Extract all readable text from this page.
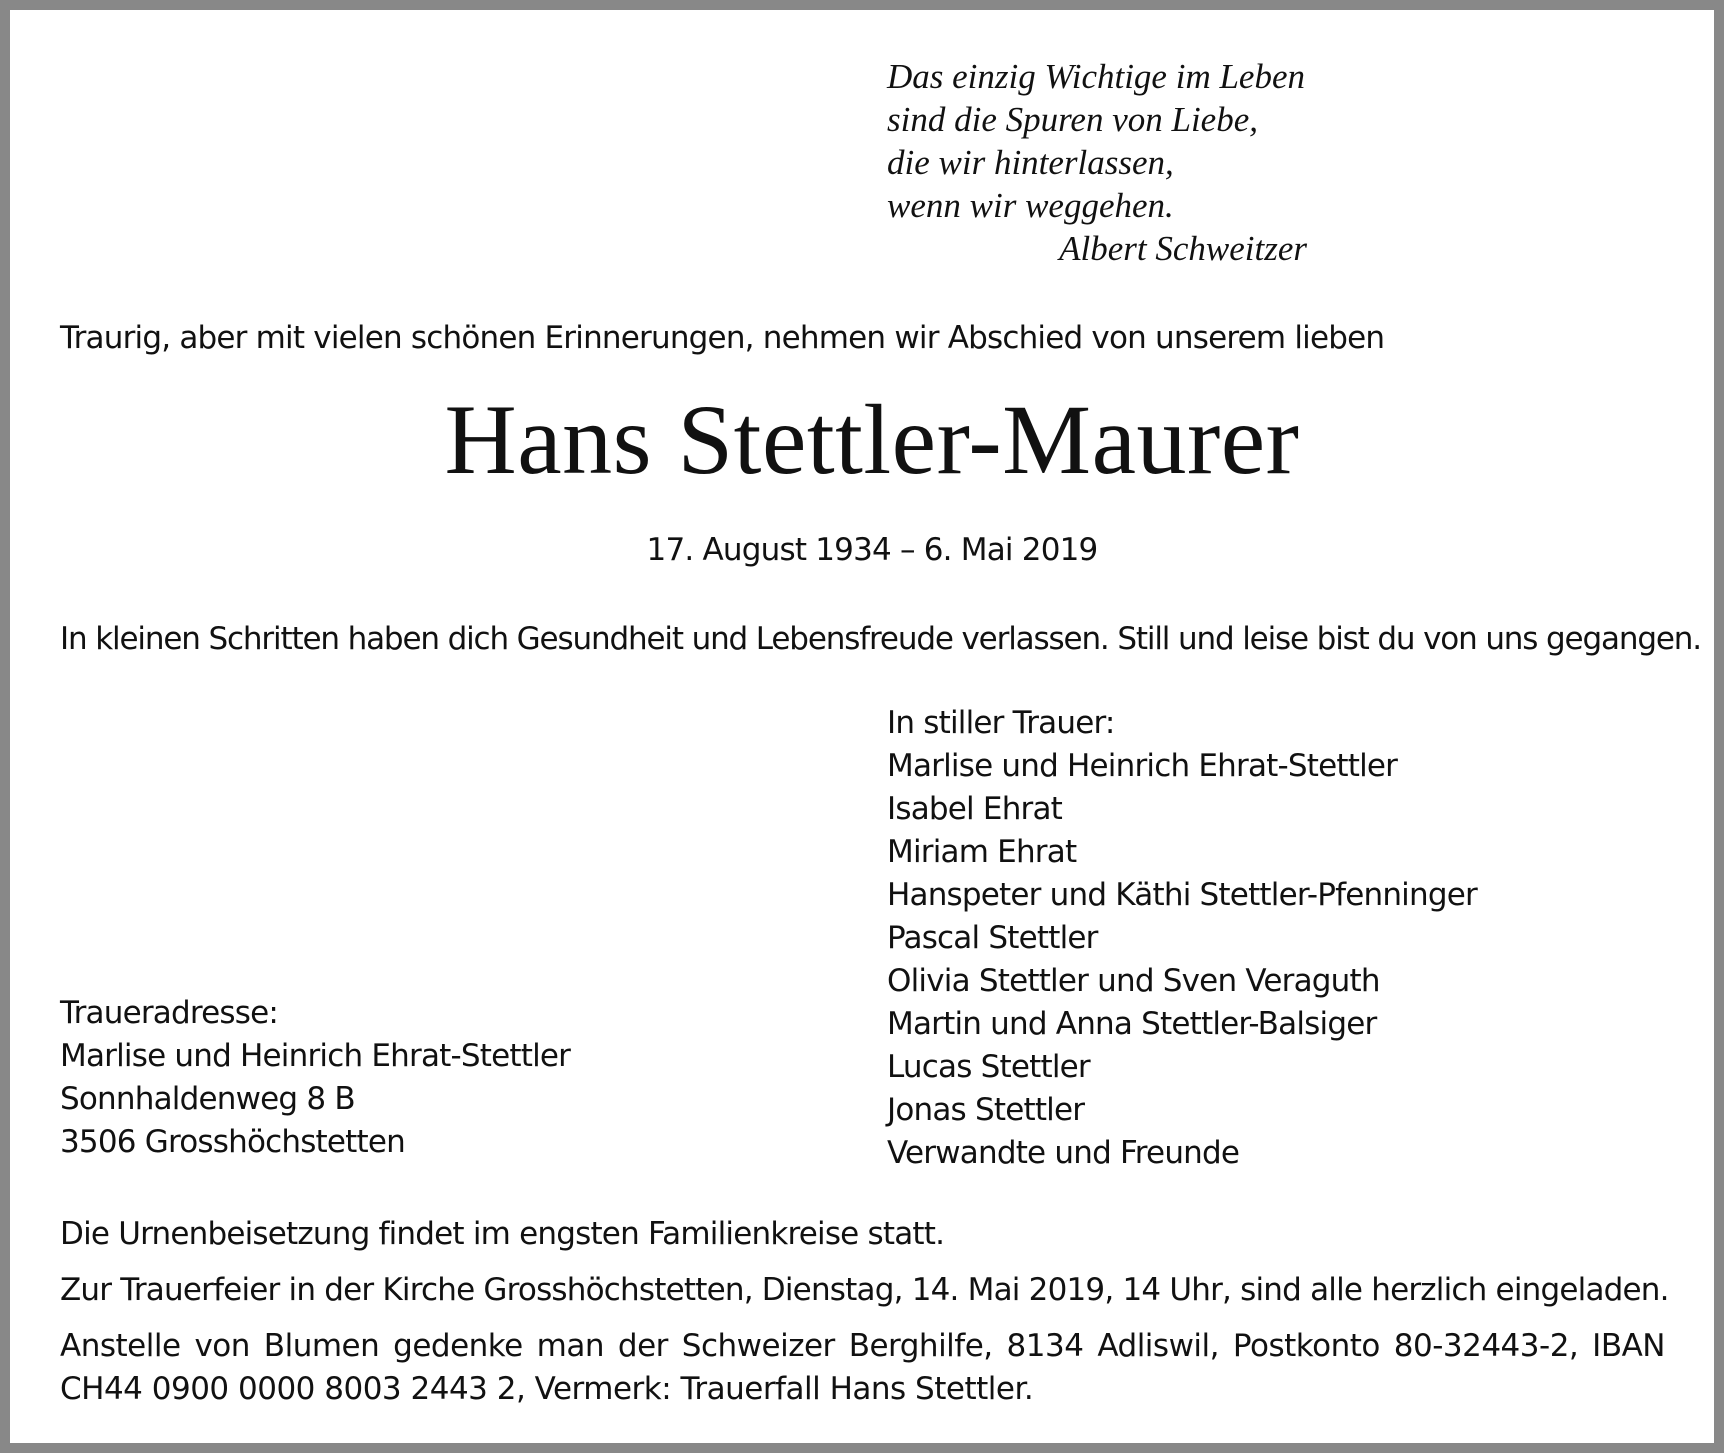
Das einzig Wichtige im Leben
sind die Spuren von Liebe,
die wir hinterlassen,
wenn wir weggehen.
Albert Schweitzer
Traurig, aber mit vielen schönen Erinnerungen, nehmen wir Abschied von unserem lieben
Hans Stettler-Maurer
17. August 1934 – 6. Mai 2019
In kleinen Schritten haben dich Gesundheit und Lebensfreude verlassen. Still und leise bist du von uns gegangen.
In stiller Trauer:
Marlise und Heinrich Ehrat-Stettler
Isabel Ehrat
Miriam Ehrat
Hanspeter und Käthi Stettler-Pfenninger
Pascal Stettler
Olivia Stettler und Sven Veraguth
Martin und Anna Stettler-Balsiger
Lucas Stettler
Jonas Stettler
Verwandte und Freunde
Traueradresse:
Marlise und Heinrich Ehrat-Stettler
Sonnhaldenweg 8 B
3506 Grosshöchstetten
Die Urnenbeisetzung findet im engsten Familienkreise statt.
Zur Trauerfeier in der Kirche Grosshöchstetten, Dienstag, 14. Mai 2019, 14 Uhr, sind alle herzlich eingeladen.
Anstelle von Blumen gedenke man der Schweizer Berghilfe, 8134 Adliswil, Postkonto 80-32443-2, IBAN CH44 0900 0000 8003 2443 2, Vermerk: Trauerfall Hans Stettler.
